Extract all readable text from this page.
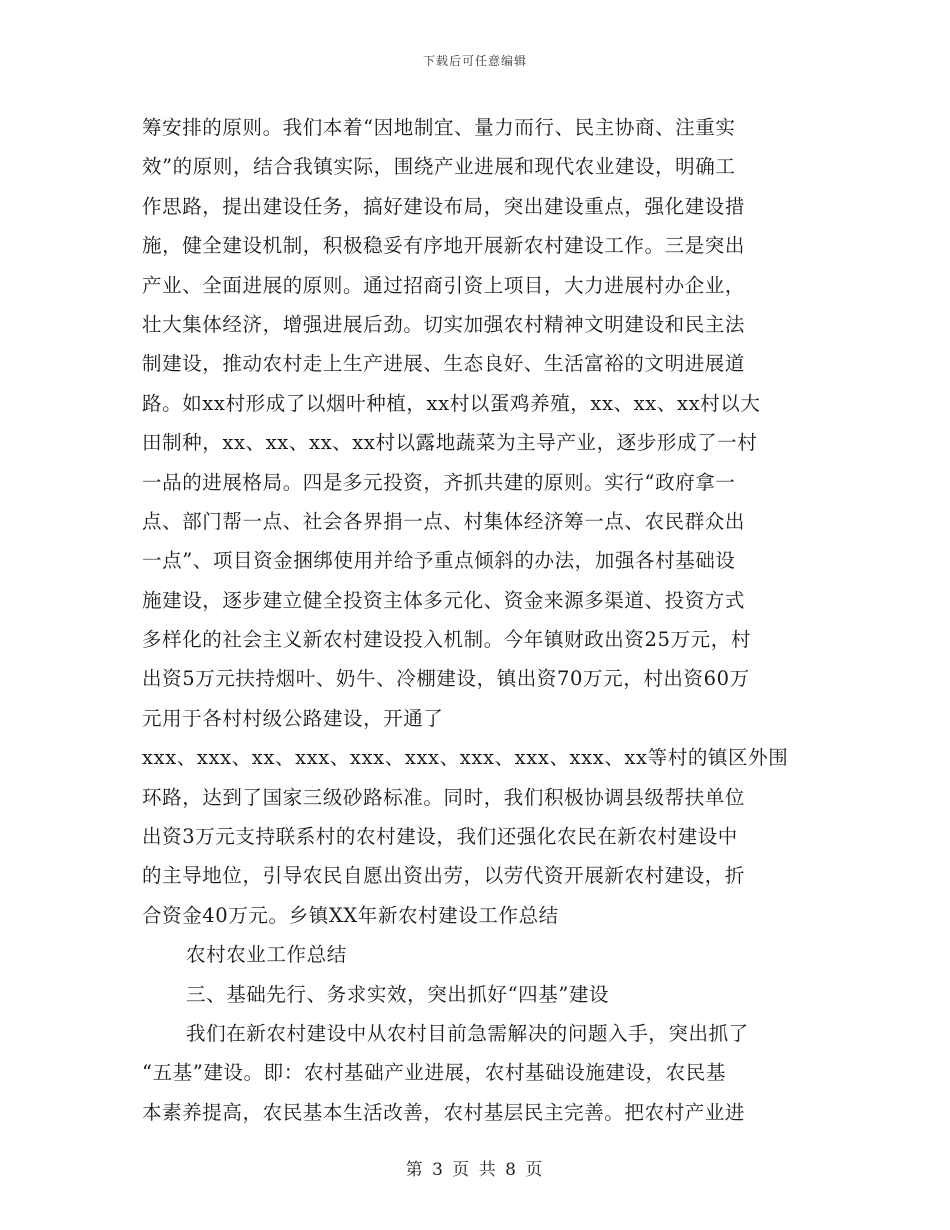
下载后可任意编辑
筹安排的原则。我们本着“因地制宜、量力而行、民主协商、注重实
效”的原则，结合我镇实际，围绕产业进展和现代农业建设，明确工
作思路，提出建设任务，搞好建设布局，突出建设重点，强化建设措
施，健全建设机制，积极稳妥有序地开展新农村建设工作。三是突出
产业、全面进展的原则。通过招商引资上项目，大力进展村办企业，
壮大集体经济，增强进展后劲。切实加强农村精神文明建设和民主法
制建设，推动农村走上生产进展、生态良好、生活富裕的文明进展道
路。如xx村形成了以烟叶种植，xx村以蛋鸡养殖，xx、xx、xx村以大
田制种，xx、xx、xx、xx村以露地蔬菜为主导产业，逐步形成了一村
一品的进展格局。四是多元投资，齐抓共建的原则。实行“政府拿一
点、部门帮一点、社会各界捐一点、村集体经济筹一点、农民群众出
一点”、项目资金捆绑使用并给予重点倾斜的办法，加强各村基础设
施建设，逐步建立健全投资主体多元化、资金来源多渠道、投资方式
多样化的社会主义新农村建设投入机制。今年镇财政出资25万元，村
出资5万元扶持烟叶、奶牛、冷棚建设，镇出资70万元，村出资60万
元用于各村村级公路建设，开通了
xxx、xxx、xx、xxx、xxx、xxx、xxx、xxx、xxx、xx等村的镇区外围
环路，达到了国家三级砂路标准。同时，我们积极协调县级帮扶单位
出资3万元支持联系村的农村建设，我们还强化农民在新农村建设中
的主导地位，引导农民自愿出资出劳，以劳代资开展新农村建设，折
合资金40万元。乡镇XX年新农村建设工作总结
农村农业工作总结
三、基础先行、务求实效，突出抓好“四基”建设
我们在新农村建设中从农村目前急需解决的问题入手，突出抓了
“五基”建设。即：农村基础产业进展，农村基础设施建设，农民基
本素养提高，农民基本生活改善，农村基层民主完善。把农村产业进
第 3 页 共 8 页
